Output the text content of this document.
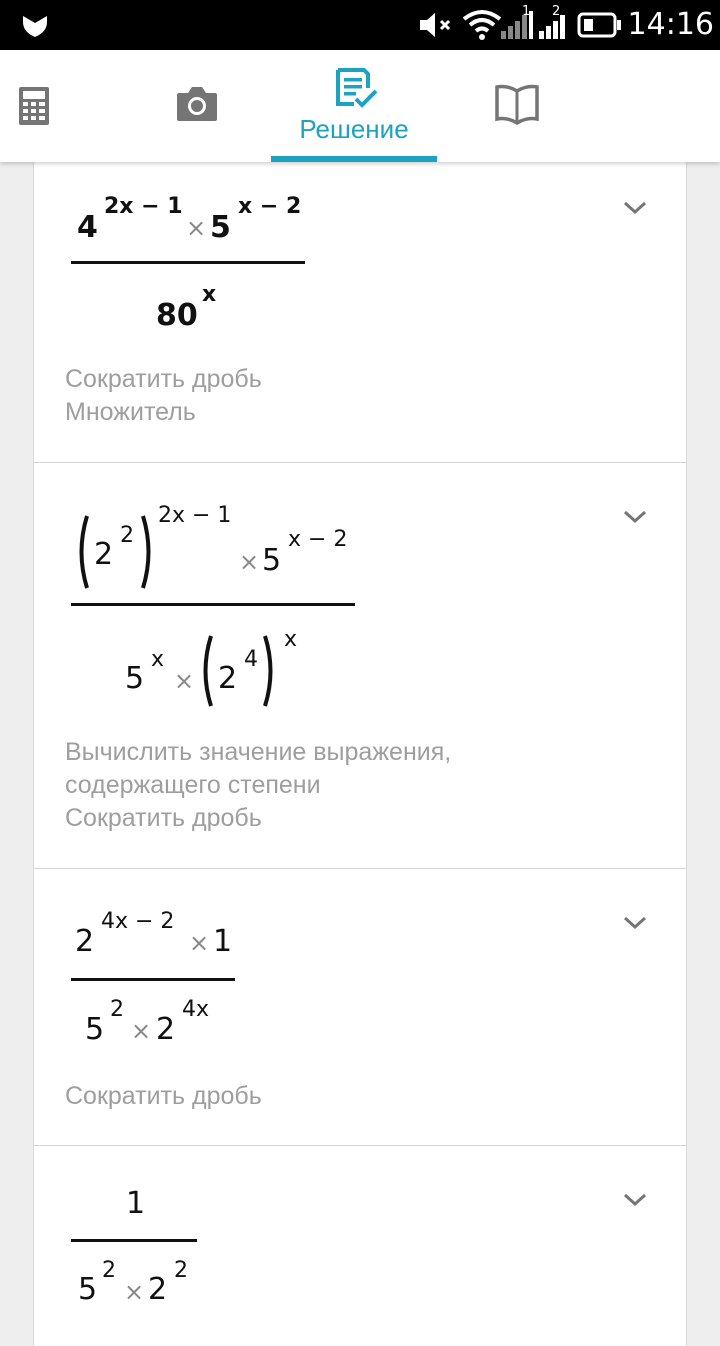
1 2 14:16
Решение
4
2x − 1
× 5
x − 2
80
x
Сократить дробь
Множитель
2
2
2x − 1
× 5
x − 2
5
x
× 2
4
x
Вычислить значение выражения,
содержащего степени
Сократить дробь
2
4x − 2
× 1
5
2
× 2
4x
Сократить дробь
1
5
2
× 2
2
